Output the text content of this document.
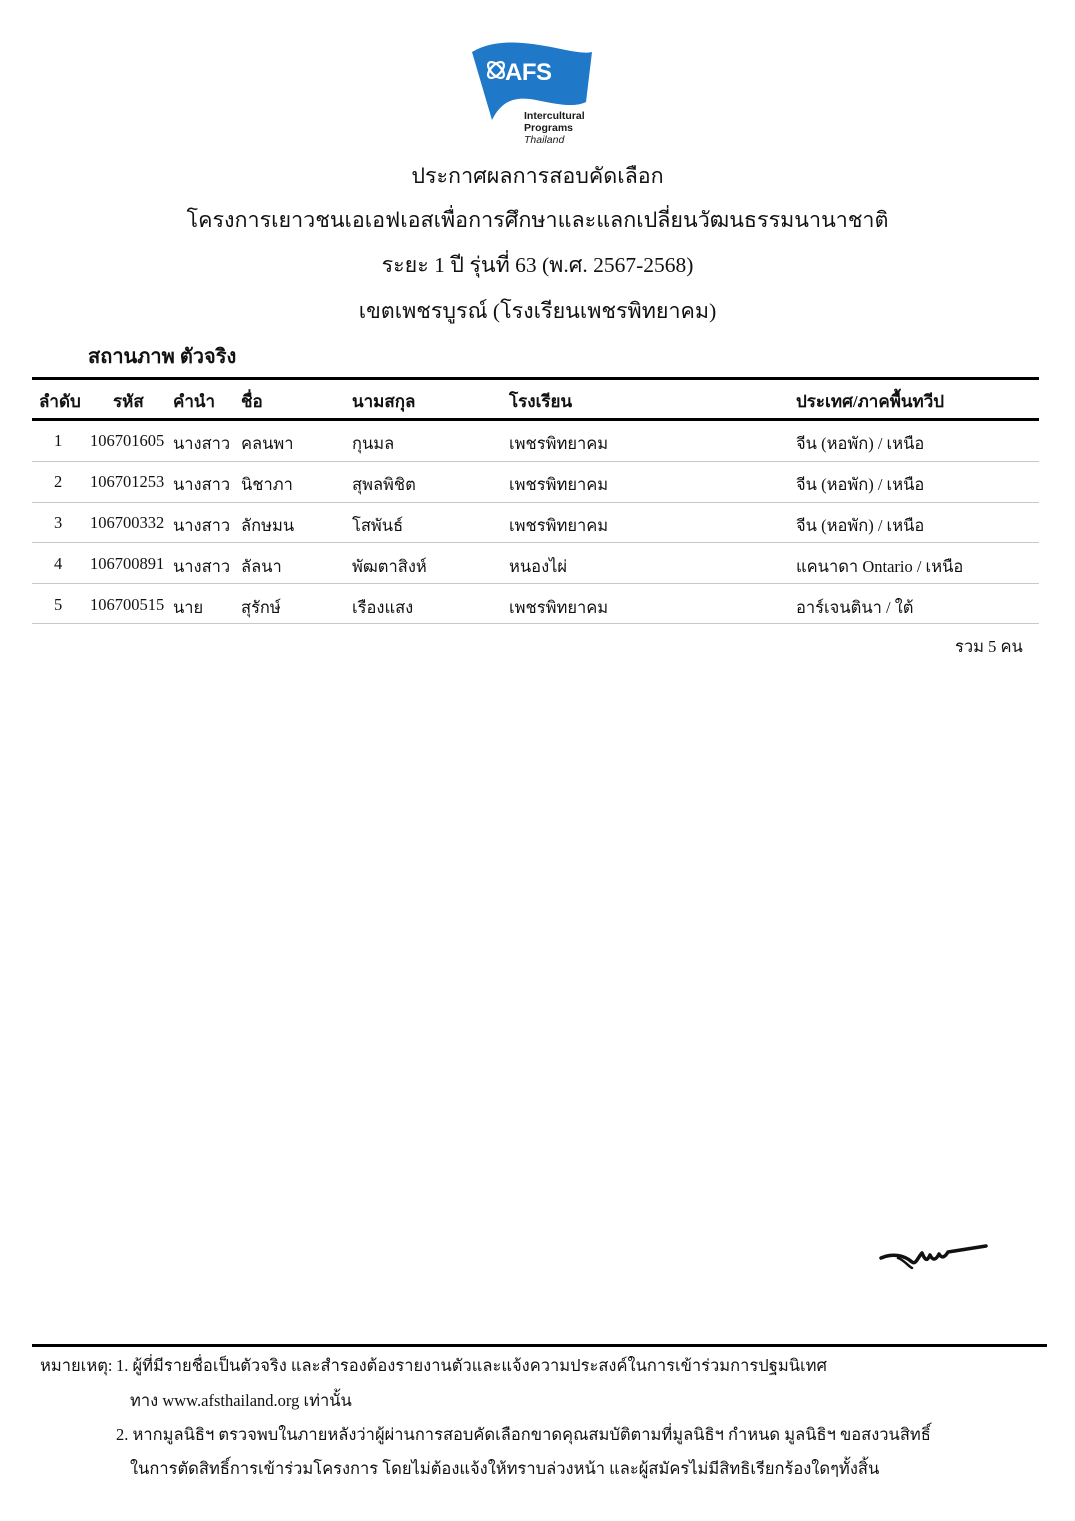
AFS
Intercultural
Programs
Thailand
ประกาศผลการสอบคัดเลือก
โครงการเยาวชนเอเอฟเอสเพื่อการศึกษาและแลกเปลี่ยนวัฒนธรรมนานาชาติ
ระยะ 1 ปี รุ่นที่ 63 (พ.ศ. 2567-2568)
เขตเพชรบูรณ์ (โรงเรียนเพชรพิทยาคม)
สถานภาพ ตัวจริง
ลำดับ รหัส คำนำ ชื่อ	นามสกุล	โรงเรียน	ประเทศ/ภาคพื้นทวีป
1 106701605 นางสาว คลนพา	กุนมล	เพชรพิทยาคม	จีน (หอพัก) / เหนือ
2 106701253 นางสาว นิชาภา	สุพลพิชิต	เพชรพิทยาคม	จีน (หอพัก) / เหนือ
3 106700332 นางสาว ลักษมน	โสพันธ์	เพชรพิทยาคม	จีน (หอพัก) / เหนือ
4 106700891 นางสาว ลัลนา	พัฒตาสิงห์	หนองไผ่	แคนาดา Ontario / เหนือ
5 106700515 นาย สุรักษ์	เรืองแสง	เพชรพิทยาคม	อาร์เจนตินา / ใต้
รวม 5 คน
หมายเหตุ: 1. ผู้ที่มีรายชื่อเป็นตัวจริง และสำรองต้องรายงานตัวและแจ้งความประสงค์ในการเข้าร่วมการปฐมนิเทศ
ทาง www.afsthailand.org เท่านั้น
2. หากมูลนิธิฯ ตรวจพบในภายหลังว่าผู้ผ่านการสอบคัดเลือกขาดคุณสมบัติตามที่มูลนิธิฯ กำหนด มูลนิธิฯ ขอสงวนสิทธิ์
ในการตัดสิทธิ์การเข้าร่วมโครงการ โดยไม่ต้องแจ้งให้ทราบล่วงหน้า และผู้สมัครไม่มีสิทธิเรียกร้องใดๆทั้งสิ้น
